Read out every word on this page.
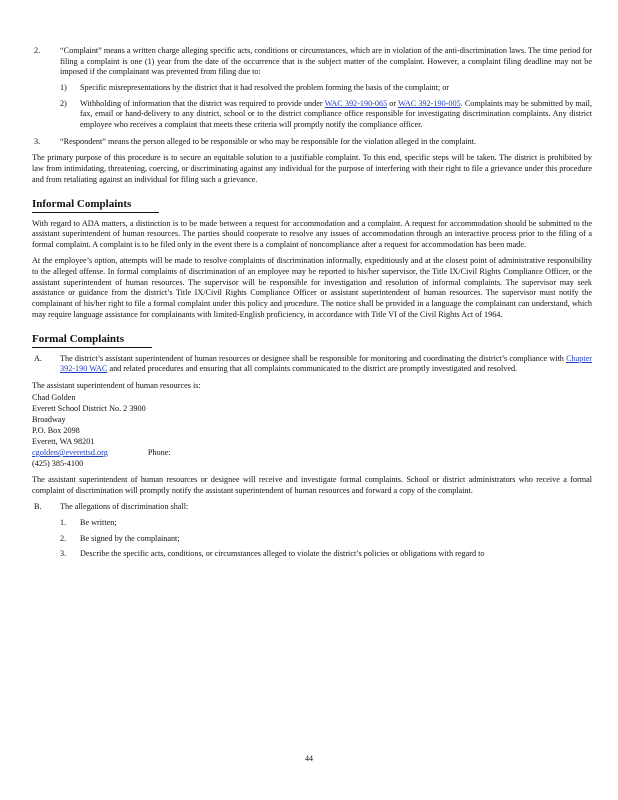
2.	“Complaint” means a written charge alleging specific acts, conditions or circumstances, which are in violation of the anti-discrimination laws. The time period for filing a complaint is one (1) year from the date of the occurrence that is the subject matter of the complaint. However, a complaint filing deadline may not be imposed if the complainant was prevented from filing due to:
1)	Specific misrepresentations by the district that it had resolved the problem forming the basis of the complaint; or
2)	Withholding of information that the district was required to provide under WAC 392-190-065 or WAC 392-190-005. Complaints may be submitted by mail, fax, email or hand-delivery to any district, school or to the district compliance office responsible for investigating discrimination complaints. Any district employee who receives a complaint that meets these criteria will promptly notify the compliance officer.
3.	“Respondent” means the person alleged to be responsible or who may be responsible for the violation alleged in the complaint.

The primary purpose of this procedure is to secure an equitable solution to a justifiable complaint. To this end, specific steps will be taken. The district is prohibited by law from intimidating, threatening, coercing, or discriminating against any individual for the purpose of interfering with their right to file a grievance under this procedure and from retaliating against an individual for filing such a grievance.

Informal Complaints

With regard to ADA matters, a distinction is to be made between a request for accommodation and a complaint. A request for accommodation should be submitted to the assistant superintendent of human resources. The parties should cooperate to resolve any issues of accommodation through an interactive process prior to the filing of a formal complaint. A complaint is to be filed only in the event there is a complaint of noncompliance after a request for accommodation has been made.

At the employee’s option, attempts will be made to resolve complaints of discrimination informally, expeditiously and at the closest point of administrative responsibility to the alleged offense. In formal complaints of discrimination of an employee may be reported to his/her supervisor, the Title IX/Civil Rights Compliance Officer, or the assistant superintendent of human resources. The supervisor will be responsible for investigation and resolution of informal complaints. The supervisor may seek assistance or guidance from the district’s Title IX/Civil Rights Compliance Officer or assistant superintendent of human resources. The supervisor must notify the complainant of his/her right to file a formal complaint under this policy and procedure. The notice shall be provided in a language the complainant can understand, which may require language assistance for complainants with limited-English proficiency, in accordance with Title VI of the Civil Rights Act of 1964.

Formal Complaints
A.	The district’s assistant superintendent of human resources or designee shall be responsible for monitoring and coordinating the district’s compliance with Chapter 392-190 WAC and related procedures and ensuring that all complaints communicated to the district are promptly investigated and resolved.

The assistant superintendent of human resources is:

Chad Golden
Everett School District No. 2 3900
Broadway
P.O. Box 2098
Everett, WA 98201
cgolden@everettsd.org	Phone:
(425) 385-4100

The assistant superintendent of human resources or designee will receive and investigate formal complaints. School or district administrators who receive a formal complaint of discrimination will promptly notify the assistant superintendent of human resources and forward a copy of the complaint.

B.	The allegations of discrimination shall:
1.	Be written;
2.	Be signed by the complainant;
3.	Describe the specific acts, conditions, or circumstances alleged to violate the district’s policies or obligations with regard to
44
